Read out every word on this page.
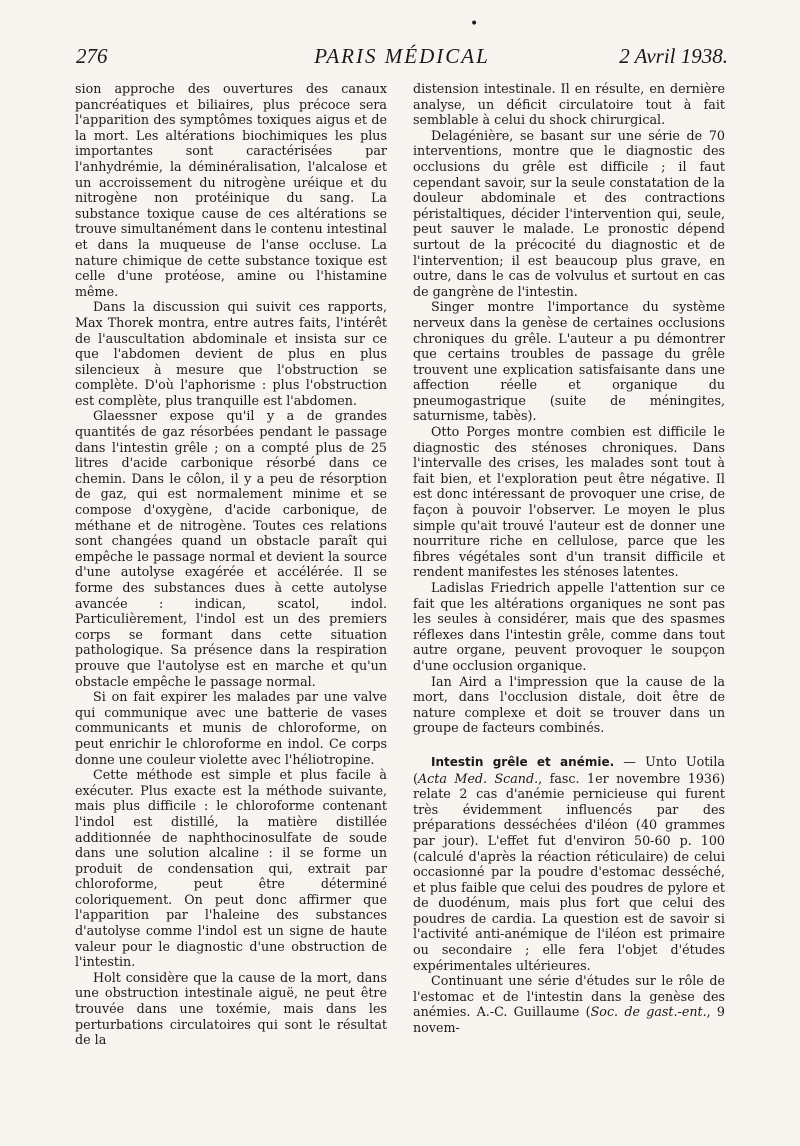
•
276	PARIS MÉDICAL	2 Avril 1938.

sion approche des ouvertures des canaux pancréatiques et biliaires, plus précoce sera l'apparition des symptômes toxiques aigus et de la mort. Les altérations biochimiques les plus importantes sont caractérisées par l'anhydrémie, la déminéralisation, l'alcalose et un accroissement du nitrogène uréique et du nitrogène non protéinique du sang. La substance toxique cause de ces altérations se trouve simultanément dans le contenu intestinal et dans la muqueuse de l'anse occluse. La nature chimique de cette substance toxique est celle d'une protéose, amine ou l'histamine même.

Dans la discussion qui suivit ces rapports, Max Thorek montra, entre autres faits, l'intérêt de l'auscultation abdominale et insista sur ce que l'abdomen devient de plus en plus silencieux à mesure que l'obstruction se complète. D'où l'aphorisme : plus l'obstruction est complète, plus tranquille est l'abdomen.

Glaessner expose qu'il y a de grandes quantités de gaz résorbées pendant le passage dans l'intestin grêle ; on a compté plus de 25 litres d'acide carbonique résorbé dans ce chemin. Dans le côlon, il y a peu de résorption de gaz, qui est normalement minime et se compose d'oxygène, d'acide carbonique, de méthane et de nitrogène. Toutes ces relations sont changées quand un obstacle paraît qui empêche le passage normal et devient la source d'une autolyse exagérée et accélérée. Il se forme des substances dues à cette autolyse avancée : indican, scatol, indol. Particulièrement, l'indol est un des premiers corps se formant dans cette situation pathologique. Sa présence dans la respiration prouve que l'autolyse est en marche et qu'un obstacle empêche le passage normal.

Si on fait expirer les malades par une valve qui communique avec une batterie de vases communicants et munis de chloroforme, on peut enrichir le chloroforme en indol. Ce corps donne une couleur violette avec l'héliotropine.

Cette méthode est simple et plus facile à exécuter. Plus exacte est la méthode suivante, mais plus difficile : le chloroforme contenant l'indol est distillé, la matière distillée additionnée de naphthocinosulfate de soude dans une solution alcaline : il se forme un produit de condensation qui, extrait par chloroforme, peut être déterminé coloriquement. On peut donc affirmer que l'apparition par l'haleine des substances d'autolyse comme l'indol est un signe de haute valeur pour le diagnostic d'une obstruction de l'intestin.

Holt considère que la cause de la mort, dans une obstruction intestinale aiguë, ne peut être trouvée dans une toxémie, mais dans les perturbations circulatoires qui sont le résultat de la

distension intestinale. Il en résulte, en dernière analyse, un déficit circulatoire tout à fait semblable à celui du shock chirurgical.

Delagénière, se basant sur une série de 70 interventions, montre que le diagnostic des occlusions du grêle est difficile ; il faut cependant savoir, sur la seule constatation de la douleur abdominale et des contractions péristaltiques, décider l'intervention qui, seule, peut sauver le malade. Le pronostic dépend surtout de la précocité du diagnostic et de l'intervention; il est beaucoup plus grave, en outre, dans le cas de volvulus et surtout en cas de gangrène de l'intestin.

Singer montre l'importance du système nerveux dans la genèse de certaines occlusions chroniques du grêle. L'auteur a pu démontrer que certains troubles de passage du grêle trouvent une explication satisfaisante dans une affection réelle et organique du pneumogastrique (suite de méningites, saturnisme, tabès).

Otto Porges montre combien est difficile le diagnostic des sténoses chroniques. Dans l'intervalle des crises, les malades sont tout à fait bien, et l'exploration peut être négative. Il est donc intéressant de provoquer une crise, de façon à pouvoir l'observer. Le moyen le plus simple qu'ait trouvé l'auteur est de donner une nourriture riche en cellulose, parce que les fibres végétales sont d'un transit difficile et rendent manifestes les sténoses latentes.

Ladislas Friedrich appelle l'attention sur ce fait que les altérations organiques ne sont pas les seules à considérer, mais que des spasmes réflexes dans l'intestin grêle, comme dans tout autre organe, peuvent provoquer le soupçon d'une occlusion organique.

Ian Aird a l'impression que la cause de la mort, dans l'occlusion distale, doit être de nature complexe et doit se trouver dans un groupe de facteurs combinés.

Intestin grêle et anémie. — Unto Uotila (Acta Med. Scand., fasc. 1er novembre 1936) relate 2 cas d'anémie pernicieuse qui furent très évidemment influencés par des préparations desséchées d'iléon (40 grammes par jour). L'effet fut d'environ 50-60 p. 100 (calculé d'après la réaction réticulaire) de celui occasionné par la poudre d'estomac desséché, et plus faible que celui des poudres de pylore et de duodénum, mais plus fort que celui des poudres de cardia. La question est de savoir si l'activité anti-anémique de l'iléon est primaire ou secondaire ; elle fera l'objet d'études expérimentales ultérieures.

Continuant une série d'études sur le rôle de l'estomac et de l'intestin dans la genèse des anémies. A.-C. Guillaume (Soc. de gast.-ent., 9 novem-
